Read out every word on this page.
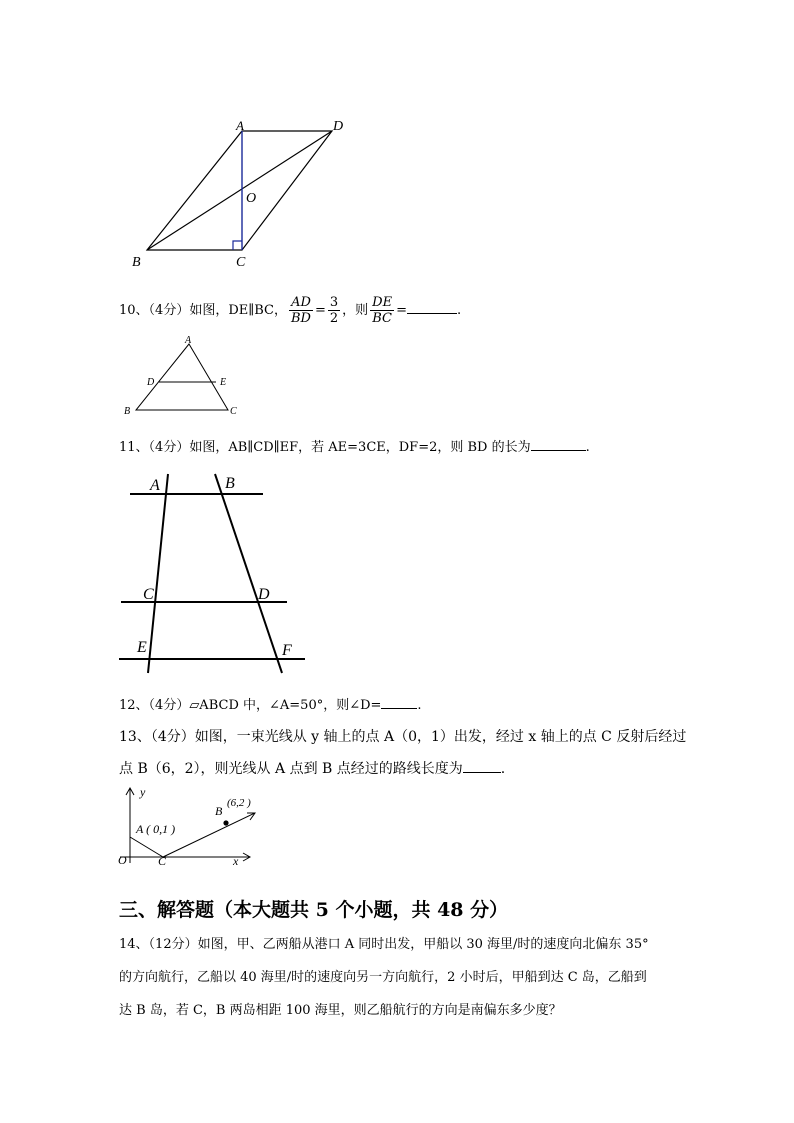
A	D
O
B	C
10、（4分）如图，DE∥BC， $\frac{AD}{BD} = \frac{3}{2}$ ，则 $\frac{DE}{BC}$ =	.
A
D	E
B	C
11、（4分）如图，AB∥CD∥EF，若 AE=3CE，DF=2，则 BD 的长为	.
A	B
C	D
E	F
12、（4分）▱ABCD 中，∠A=50°，则∠D=	.
13、（4分）如图，一束光线从 y 轴上的点 A（0，1）出发，经过 x 轴上的点 C 反射后经过
点 B（6，2），则光线从 A 点到 B 点经过的路线长度为	.
y
x
O	C
A ( 0,1 )
B
(6,2 )
三、解答题（本大题共 5 个小题，共 48 分）
14、（12分）如图，甲、乙两船从港口 A 同时出发，甲船以 30 海里/时的速度向北偏东 35°
的方向航行，乙船以 40 海里/时的速度向另一方向航行，2 小时后，甲船到达 C 岛，乙船到
达 B 岛，若 C，B 两岛相距 100 海里，则乙船航行的方向是南偏东多少度？
